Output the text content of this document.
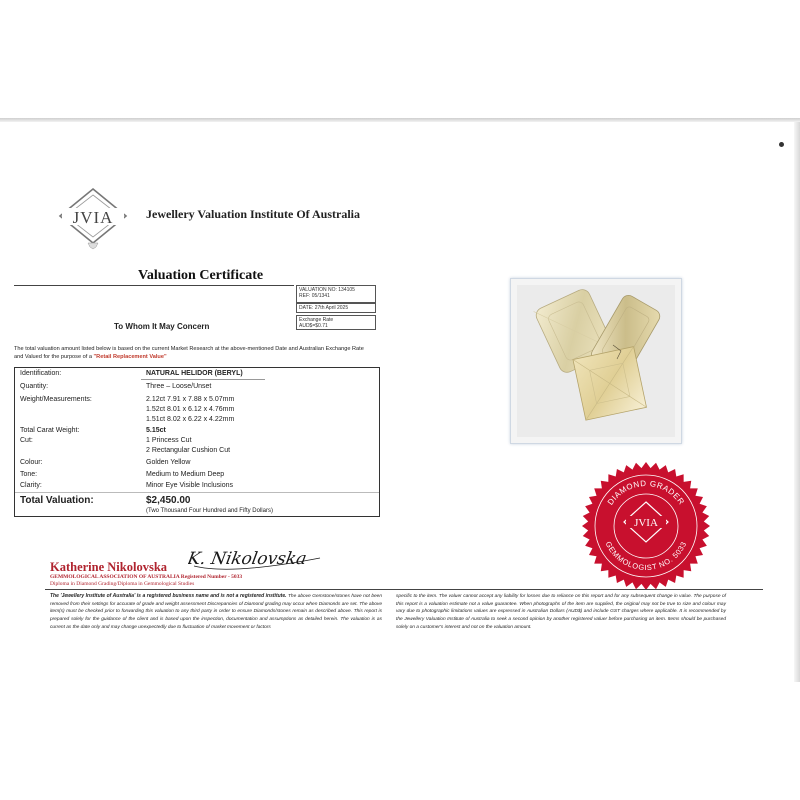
JVIA	Jewellery Valuation Institute Of Australia
Valuation Certificate
VALUATION NO: 134105
REF: 05/1341
DATE: 27th April 2025
Exchange Rate
AUD$=$0.71
To Whom It May Concern
The total valuation amount listed below is based on the current Market Research at the above-mentioned Date and Australian Exchange Rate and Valued for the purpose of a "Retail Replacement Value"
Identification:	NATURAL HELIDOR (BERYL)
Quantity:	Three – Loose/Unset
Weight/Measurements:	2.12ct 7.91 x 7.88 x 5.07mm
1.52ct 8.01 x 6.12 x 4.76mm
1.51ct 8.02 x 6.22 x 4.22mm
Total Carat Weight:	5.15ct
Cut:	1 Princess Cut
2 Rectangular Cushion Cut
Colour:	Golden Yellow
Tone:	Medium to Medium Deep
Clarity:	Minor Eye Visible Inclusions
Total Valuation:	$2,450.00
(Two Thousand Four Hundred and Fifty Dollars)
DIAMOND GRADER
GEMMOLOGIST NO. 5033
JVIA
Katherine Nikolovska K. Nikolovska
GEMMOLOGICAL ASSOCIATION OF AUSTRALIA Registered Number - 5033
Diploma in Diamond Grading/Diploma in Gemmological Studies
The 'Jewellery Institute of Australia' is a registered business name and is not a registered institute. The above Gemstone/stones have not been removed from their settings for accurate of grade and weight assessment Discrepancies of Diamond grading may occur when Diamonds are set. The above item(s) must be checked prior to forwarding this valuation to any third party in order to ensure Diamonds/stones remain as described above. This report is prepared solely for the guidance of the client and is based upon the inspection, documentation and assumptions as detailed herein. The valuation is as current as the date only and may change unexpectedly due to fluctuation of market movement or factors
specific to the item. The valuer cannot accept any liability for losses due to reliance on this report and for any subsequent change in value. The purpose of this report is a valuation estimate not a value guarantee. When photographs of the item are supplied, the original may not be true to size and colour may vary due to photographic limitations values are expressed in Australian Dollars (AUD$) and include GST charges where applicable. It is recommended by the Jewellery Valuation Institute of Australia to seek a second opinion by another registered valuer before purchasing an item. Items should be purchased solely on a customer's interest and not on the valuation amount.
